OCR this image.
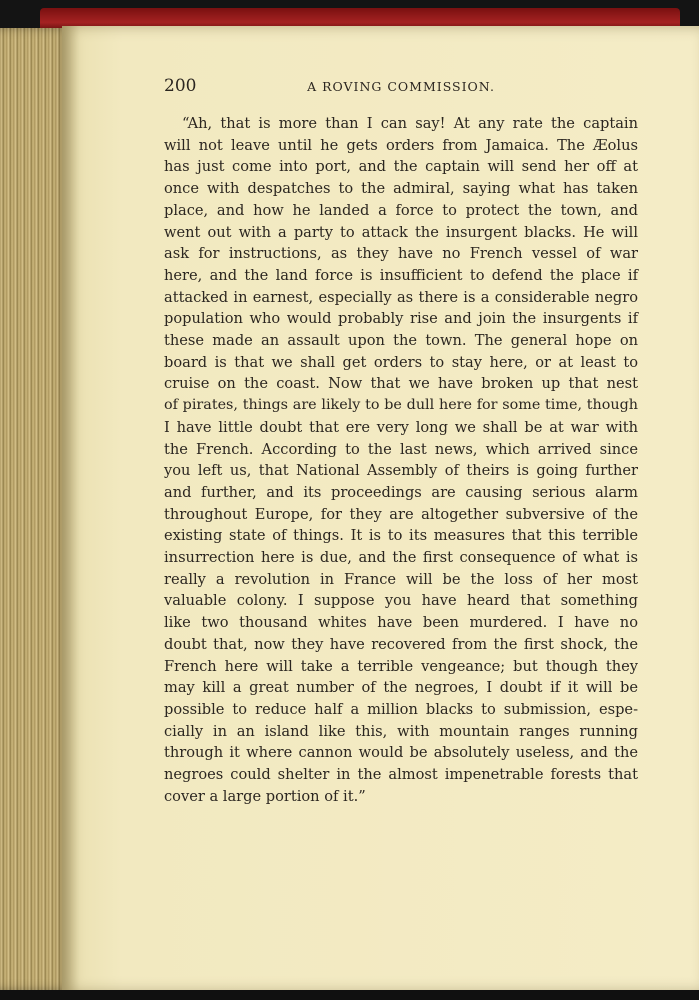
200	A ROVING COMMISSION.
“Ah, that is more than I can say! At any rate the captain
will not leave until he gets orders from Jamaica. The Æolus
has just come into port, and the captain will send her off at
once with despatches to the admiral, saying what has taken
place, and how he landed a force to protect the town, and
went out with a party to attack the insurgent blacks. He will
ask for instructions, as they have no French vessel of war
here, and the land force is insufficient to defend the place if
attacked in earnest, especially as there is a considerable negro
population who would probably rise and join the insurgents if
these made an assault upon the town. The general hope on
board is that we shall get orders to stay here, or at least to
cruise on the coast. Now that we have broken up that nest
of pirates, things are likely to be dull here for some time, though
I have little doubt that ere very long we shall be at war with
the French. According to the last news, which arrived since
you left us, that National Assembly of theirs is going further
and further, and its proceedings are causing serious alarm
throughout Europe, for they are altogether subversive of the
existing state of things. It is to its measures that this terrible
insurrection here is due, and the first consequence of what is
really a revolution in France will be the loss of her most
valuable colony. I suppose you have heard that something
like two thousand whites have been murdered. I have no
doubt that, now they have recovered from the first shock, the
French here will take a terrible vengeance; but though they
may kill a great number of the negroes, I doubt if it will be
possible to reduce half a million blacks to submission, espe-
cially in an island like this, with mountain ranges running
through it where cannon would be absolutely useless, and the
negroes could shelter in the almost impenetrable forests that
cover a large portion of it.”
